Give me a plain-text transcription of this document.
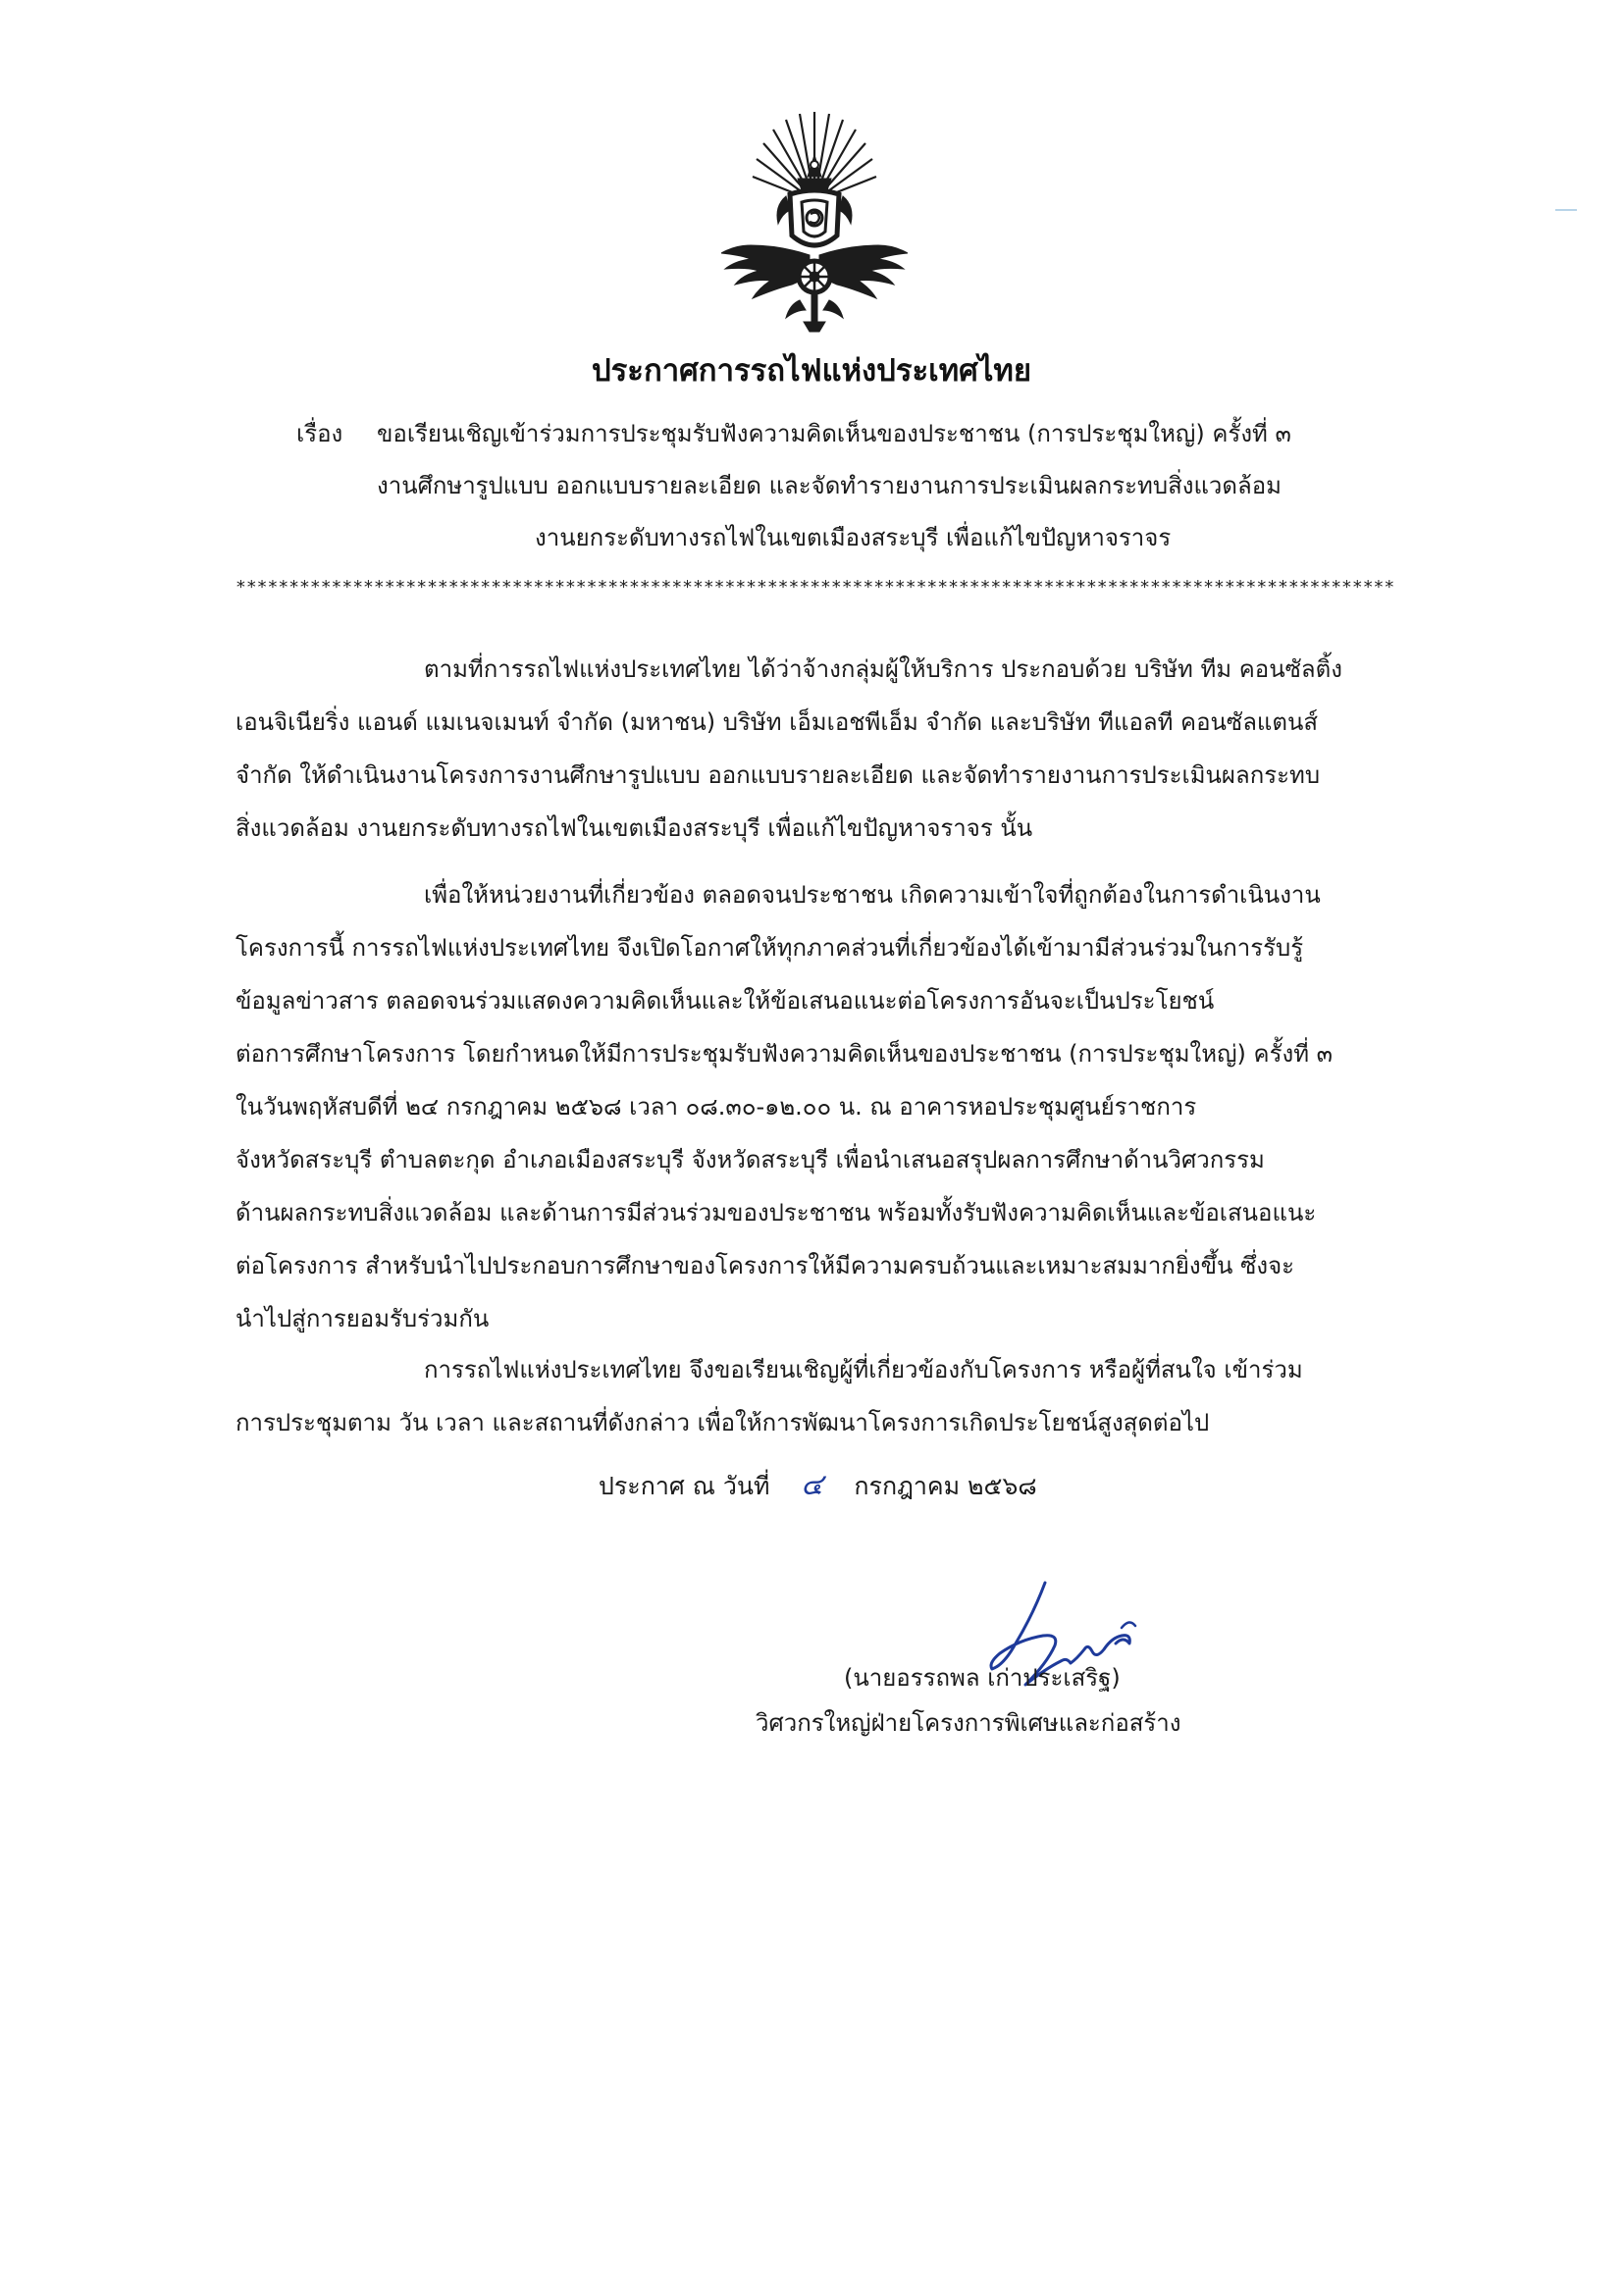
ประกาศการรถไฟแห่งประเทศไทย
เรื่อง ขอเรียนเชิญเข้าร่วมการประชุมรับฟังความคิดเห็นของประชาชน (การประชุมใหญ่) ครั้งที่ ๓
งานศึกษารูปแบบ ออกแบบรายละเอียด และจัดทำรายงานการประเมินผลกระทบสิ่งแวดล้อม
งานยกระดับทางรถไฟในเขตเมืองสระบุรี เพื่อแก้ไขปัญหาจราจร
*************************************************************************************************************
ตามที่การรถไฟแห่งประเทศไทย ได้ว่าจ้างกลุ่มผู้ให้บริการ ประกอบด้วย บริษัท ทีม คอนซัลติ้ง
เอนจิเนียริ่ง แอนด์ แมเนจเมนท์ จำกัด (มหาชน) บริษัท เอ็มเอชพีเอ็ม จำกัด และบริษัท ทีแอลที คอนซัลแตนส์
จำกัด ให้ดำเนินงานโครงการงานศึกษารูปแบบ ออกแบบรายละเอียด และจัดทำรายงานการประเมินผลกระทบ
สิ่งแวดล้อม งานยกระดับทางรถไฟในเขตเมืองสระบุรี เพื่อแก้ไขปัญหาจราจร นั้น
เพื่อให้หน่วยงานที่เกี่ยวข้อง ตลอดจนประชาชน เกิดความเข้าใจที่ถูกต้องในการดำเนินงาน
โครงการนี้ การรถไฟแห่งประเทศไทย จึงเปิดโอกาศให้ทุกภาคส่วนที่เกี่ยวข้องได้เข้ามามีส่วนร่วมในการรับรู้
ข้อมูลข่าวสาร ตลอดจนร่วมแสดงความคิดเห็นและให้ข้อเสนอแนะต่อโครงการอันจะเป็นประโยชน์
ต่อการศึกษาโครงการ โดยกำหนดให้มีการประชุมรับฟังความคิดเห็นของประชาชน (การประชุมใหญ่) ครั้งที่ ๓
ในวันพฤหัสบดีที่ ๒๔ กรกฎาคม ๒๕๖๘ เวลา ๐๘.๓๐-๑๒.๐๐ น. ณ อาคารหอประชุมศูนย์ราชการ
จังหวัดสระบุรี ตำบลตะกุด อำเภอเมืองสระบุรี จังหวัดสระบุรี เพื่อนำเสนอสรุปผลการศึกษาด้านวิศวกรรม
ด้านผลกระทบสิ่งแวดล้อม และด้านการมีส่วนร่วมของประชาชน พร้อมทั้งรับฟังความคิดเห็นและข้อเสนอแนะ
ต่อโครงการ สำหรับนำไปประกอบการศึกษาของโครงการให้มีความครบถ้วนและเหมาะสมมากยิ่งขึ้น ซึ่งจะ
นำไปสู่การยอมรับร่วมกัน
การรถไฟแห่งประเทศไทย จึงขอเรียนเชิญผู้ที่เกี่ยวข้องกับโครงการ หรือผู้ที่สนใจ เข้าร่วม
การประชุมตาม วัน เวลา และสถานที่ดังกล่าว เพื่อให้การพัฒนาโครงการเกิดประโยชน์สูงสุดต่อไป
ประกาศ ณ วันที่ ๔ กรกฎาคม ๒๕๖๘
(นายอรรถพล เก่าประเสริฐ)
วิศวกรใหญ่ฝ่ายโครงการพิเศษและก่อสร้าง
